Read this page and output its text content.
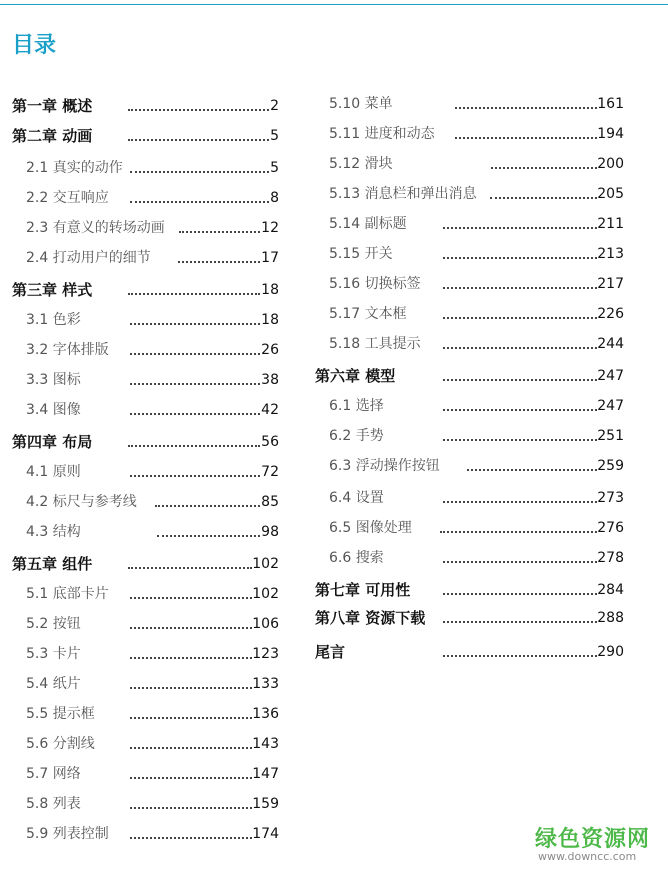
目录
第一章 概述	2
第二章 动画	5
2.1 真实的动作	5
2.2 交互响应	8
2.3 有意义的转场动画	12
2.4 打动用户的细节	17
第三章 样式	18
3.1 色彩	18
3.2 字体排版	26
3.3 图标	38
3.4 图像	42
第四章 布局	56
4.1 原则	72
4.2 标尺与参考线	85
4.3 结构	98
第五章 组件	102
5.1 底部卡片	102
5.2 按钮	106
5.3 卡片	123
5.4 纸片	133
5.5 提示框	136
5.6 分割线	143
5.7 网络	147
5.8 列表	159
5.9 列表控制	174
5.10 菜单	161
5.11 进度和动态	194
5.12 滑块	200
5.13 消息栏和弹出消息	205
5.14 副标题	211
5.15 开关	213
5.16 切换标签	217
5.17 文本框	226
5.18 工具提示	244
第六章 模型	247
6.1 选择	247
6.2 手势	251
6.3 浮动操作按钮	259
6.4 设置	273
6.5 图像处理	276
6.6 搜索	278
第七章 可用性	284
第八章 资源下载	288
尾言	290
绿色资源网
www.downcc.com
